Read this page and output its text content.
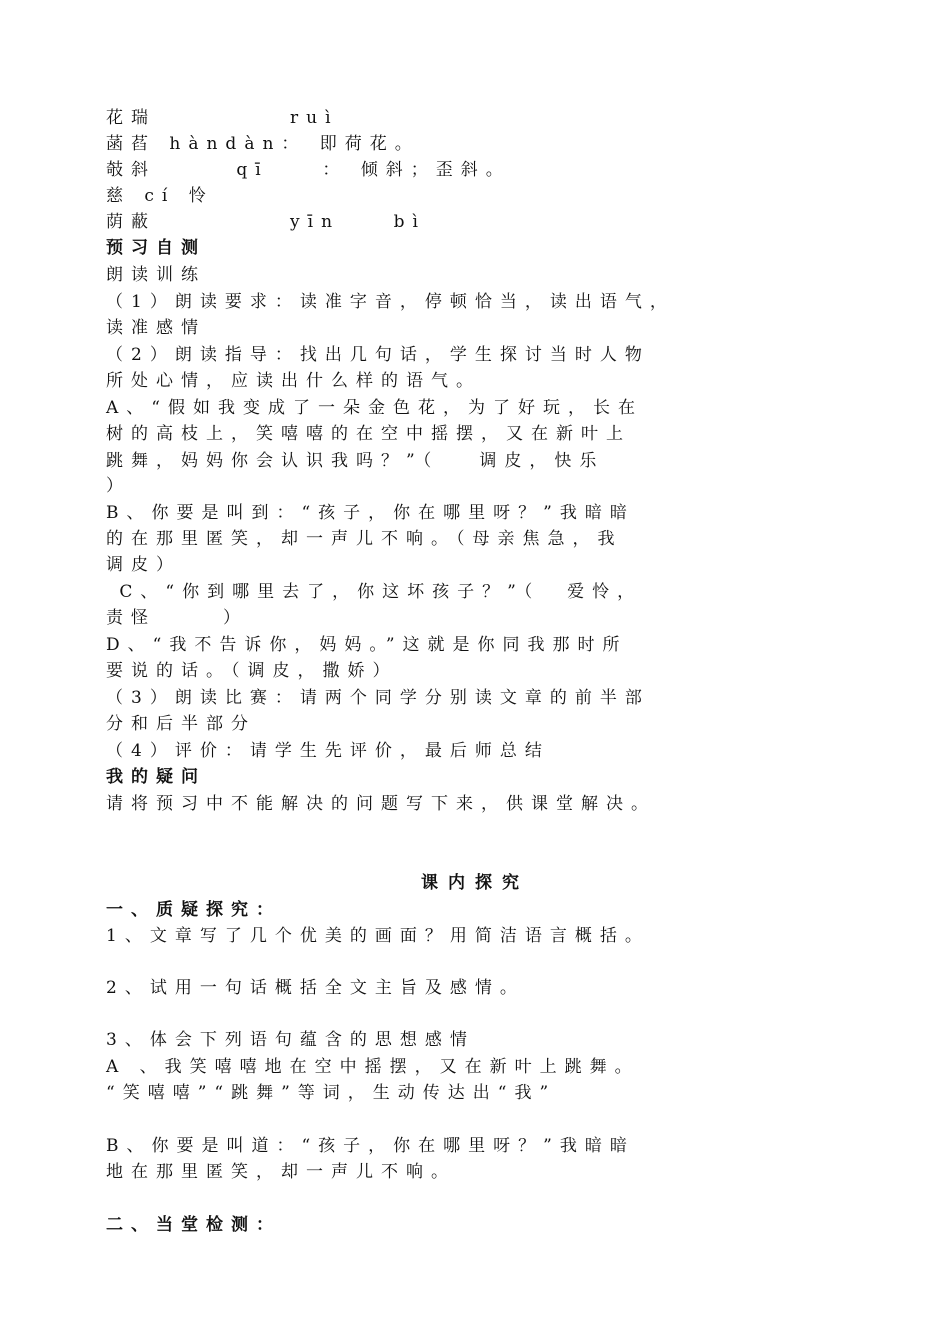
花瑞          ruì
菡萏 hàndàn： 即荷花。
攲斜      qī    ： 倾斜；歪斜。
慈 cí 怜
荫蔽          yīn    bì
预习自测
朗读训练
（1）朗读要求：读准字音，停顿恰当，读出语气，
读准感情
（2）朗读指导：找出几句话，学生探讨当时人物
所处心情，应读出什么样的语气。
A、“假如我变成了一朵金色花，为了好玩，长在
树的高枝上，笑嘻嘻的在空中摇摆，又在新叶上
跳舞，妈妈你会认识我吗？”（   调皮，快乐
）
B、你要是叫到：“孩子，你在哪里呀？”我暗暗
的在那里匿笑，却一声儿不响。（母亲焦急，我
调皮）
C、“你到哪里去了，你这坏孩子？”（  爱怜，
责怪     ）
D、“我不告诉你，妈妈。”这就是你同我那时所
要说的话。（调皮，撒娇）
（3）朗读比赛：请两个同学分别读文章的前半部
分和后半部分
（4）评价：请学生先评价，最后师总结
我的疑问
请将预习中不能解决的问题写下来，供课堂解决。
课内探究
一、质疑探究：
1、文章写了几个优美的画面？用简洁语言概括。
2、试用一句话概括全文主旨及感情。
3、体会下列语句蕴含的思想感情
A 、我笑嘻嘻地在空中摇摆，又在新叶上跳舞。
“笑嘻嘻”“跳舞”等词，生动传达出“我”
B、你要是叫道：“孩子，你在哪里呀？”我暗暗
地在那里匿笑，却一声儿不响。
二、当堂检测：
